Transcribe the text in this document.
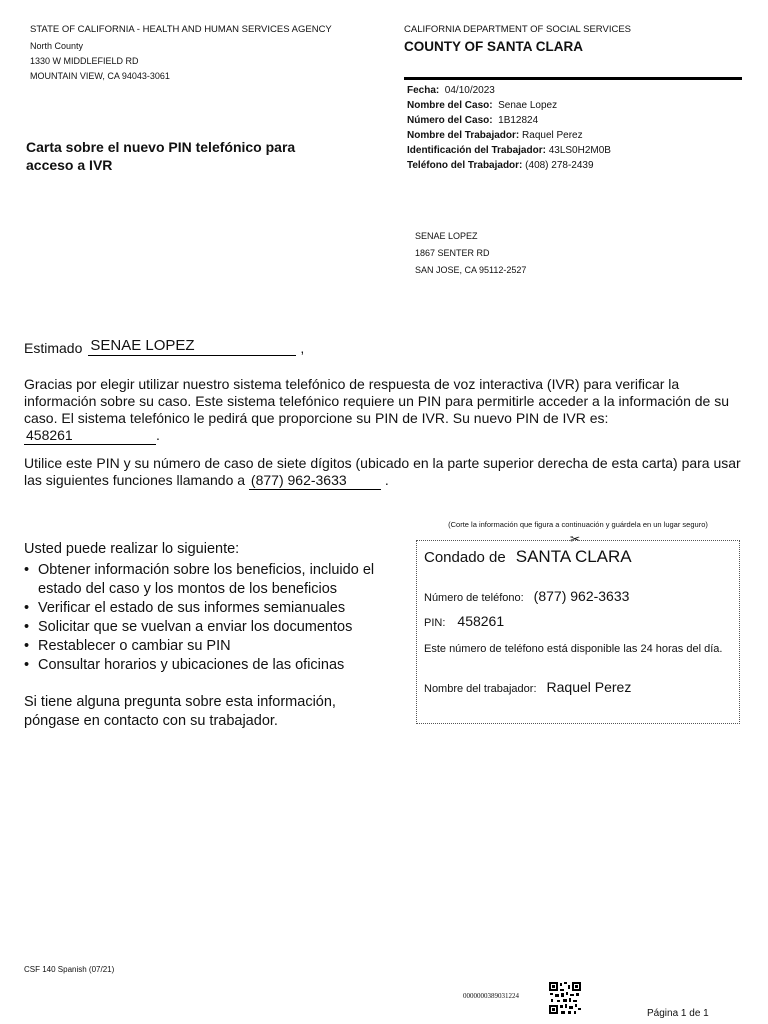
STATE OF CALIFORNIA - HEALTH AND HUMAN SERVICES AGENCY
North County
1330 W MIDDLEFIELD RD
MOUNTAIN VIEW, CA 94043-3061
CALIFORNIA DEPARTMENT OF SOCIAL SERVICES
COUNTY OF SANTA CLARA
Fecha: 04/10/2023
Nombre del Caso: Senae Lopez
Número del Caso: 1B12824
Nombre del Trabajador: Raquel Perez
Identificación del Trabajador: 43LS0H2M0B
Teléfono del Trabajador: (408) 278-2439
Carta sobre el nuevo PIN telefónico para acceso a IVR
SENAE LOPEZ
1867 SENTER RD
SAN JOSE, CA 95112-2527
Estimado SENAE LOPEZ	,
Gracias por elegir utilizar nuestro sistema telefónico de respuesta de voz interactiva (IVR) para verificar la información sobre su caso. Este sistema telefónico requiere un PIN para permitirle acceder a la información de su caso. El sistema telefónico le pedirá que proporcione su PIN de IVR. Su nuevo PIN de IVR es: 458261	.
Utilice este PIN y su número de caso de siete dígitos (ubicado en la parte superior derecha de esta carta) para usar las siguientes funciones llamando a (877) 962-3633	.
Usted puede realizar lo siguiente:
• Obtener información sobre los beneficios, incluido el estado del caso y los montos de los beneficios
• Verificar el estado de sus informes semianuales
• Solicitar que se vuelvan a enviar los documentos
• Restablecer o cambiar su PIN
• Consultar horarios y ubicaciones de las oficinas
Si tiene alguna pregunta sobre esta información, póngase en contacto con su trabajador.
(Corte la información que figura a continuación y guárdela en un lugar seguro)
✂
Condado de SANTA CLARA
Número de teléfono: (877) 962-3633
PIN: 458261
Este número de teléfono está disponible las 24 horas del día.
Nombre del trabajador: Raquel Perez
CSF 140 Spanish (07/21)
0000000389031224
Página 1 de 1
